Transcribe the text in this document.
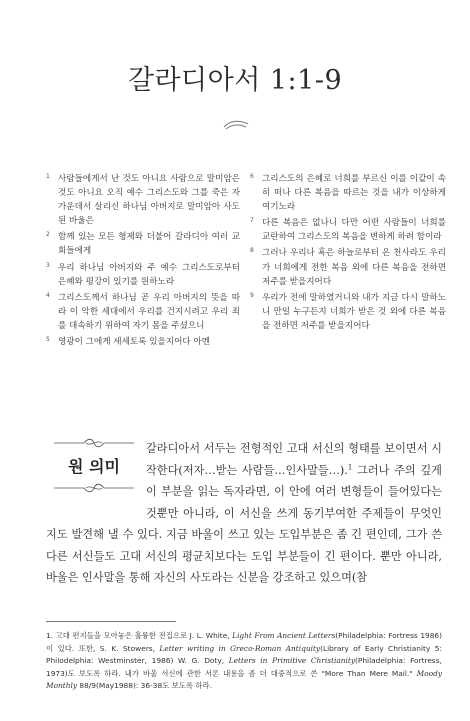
갈라디아서 1:1-9
1 사람들에게서 난 것도 아니요 사람으로 말미암은 것도 아니요 오직 예수 그리스도와 그를 죽은 자 가운데서 살리신 하나님 아버지로 말미암아 사도 된 바울은
2 함께 있는 모든 형제와 더불어 갈라디아 여러 교회들에게
3 우리 하나님 아버지와 주 예수 그리스도로부터 은혜와 평강이 있기를 원하노라
4 그리스도께서 하나님 곧 우리 아버지의 뜻을 따라 이 악한 세대에서 우리를 건지시려고 우리 죄를 대속하기 위하여 자기 몸을 주셨으니
5 영광이 그에게 세세토록 있을지어다 아멘
6 그리스도의 은혜로 너희를 부르신 이를 이같이 속히 떠나 다른 복음을 따르는 것을 내가 이상하게 여기노라
7 다른 복음은 없나니 다만 어떤 사람들이 너희를 교란하여 그리스도의 복음을 변하게 하려 함이라
8 그러나 우리나 혹은 하늘로부터 온 천사라도 우리가 너희에게 전한 복음 외에 다른 복음을 전하면 저주를 받을지어다
9 우리가 전에 말하였거니와 내가 지금 다시 말하노니 만일 누구든지 너희가 받은 것 외에 다른 복음을 전하면 저주를 받을지어다
갈라디아서 서두는 전형적인 고대 서신의 형태를 보이면서 시작한다(저자…받는 사람들…인사말들…).$^1$ 그러나 주의 깊게 이 부분을 읽는 독자라면, 이 안에 여러 변형들이 들어있다는 것뿐만 아니라, 이 서신을 쓰게 동기부여한 주제들이 무엇인지도 발견해 낼 수 있다. 지금 바울이 쓰고 있는 도입부분은 좀 긴 편인데, 그가 쓴 다른 서신들도 고대 서신의 평균치보다는 도입 부분들이 긴 편이다. 뿐만 아니라, 바울은 인사말을 통해 자신의 사도라는 신분을 강조하고 있으며(참
원 의미
1. 고대 편지들을 모아놓은 훌륭한 전집으로 J. L. White, Light From Ancient Letters(Philadelphia: Fortress 1986)이 있다. 또한, S. K. Stowers, Letter writing in Greco-Roman Antiquity(Library of Early Christianity 5: Philodelphia: Westminster, 1986) W. G. Doty, Letters in Primitive Christianity(Philadelphia: Fortress, 1973)도 보도록 하라. 내가 바울 서신에 관한 서론 내용을 좀 더 대중적으로 쓴 "More Than Mere Mail." Moody Monthly 88/9(May1988): 36-38도 보도록 하라.
